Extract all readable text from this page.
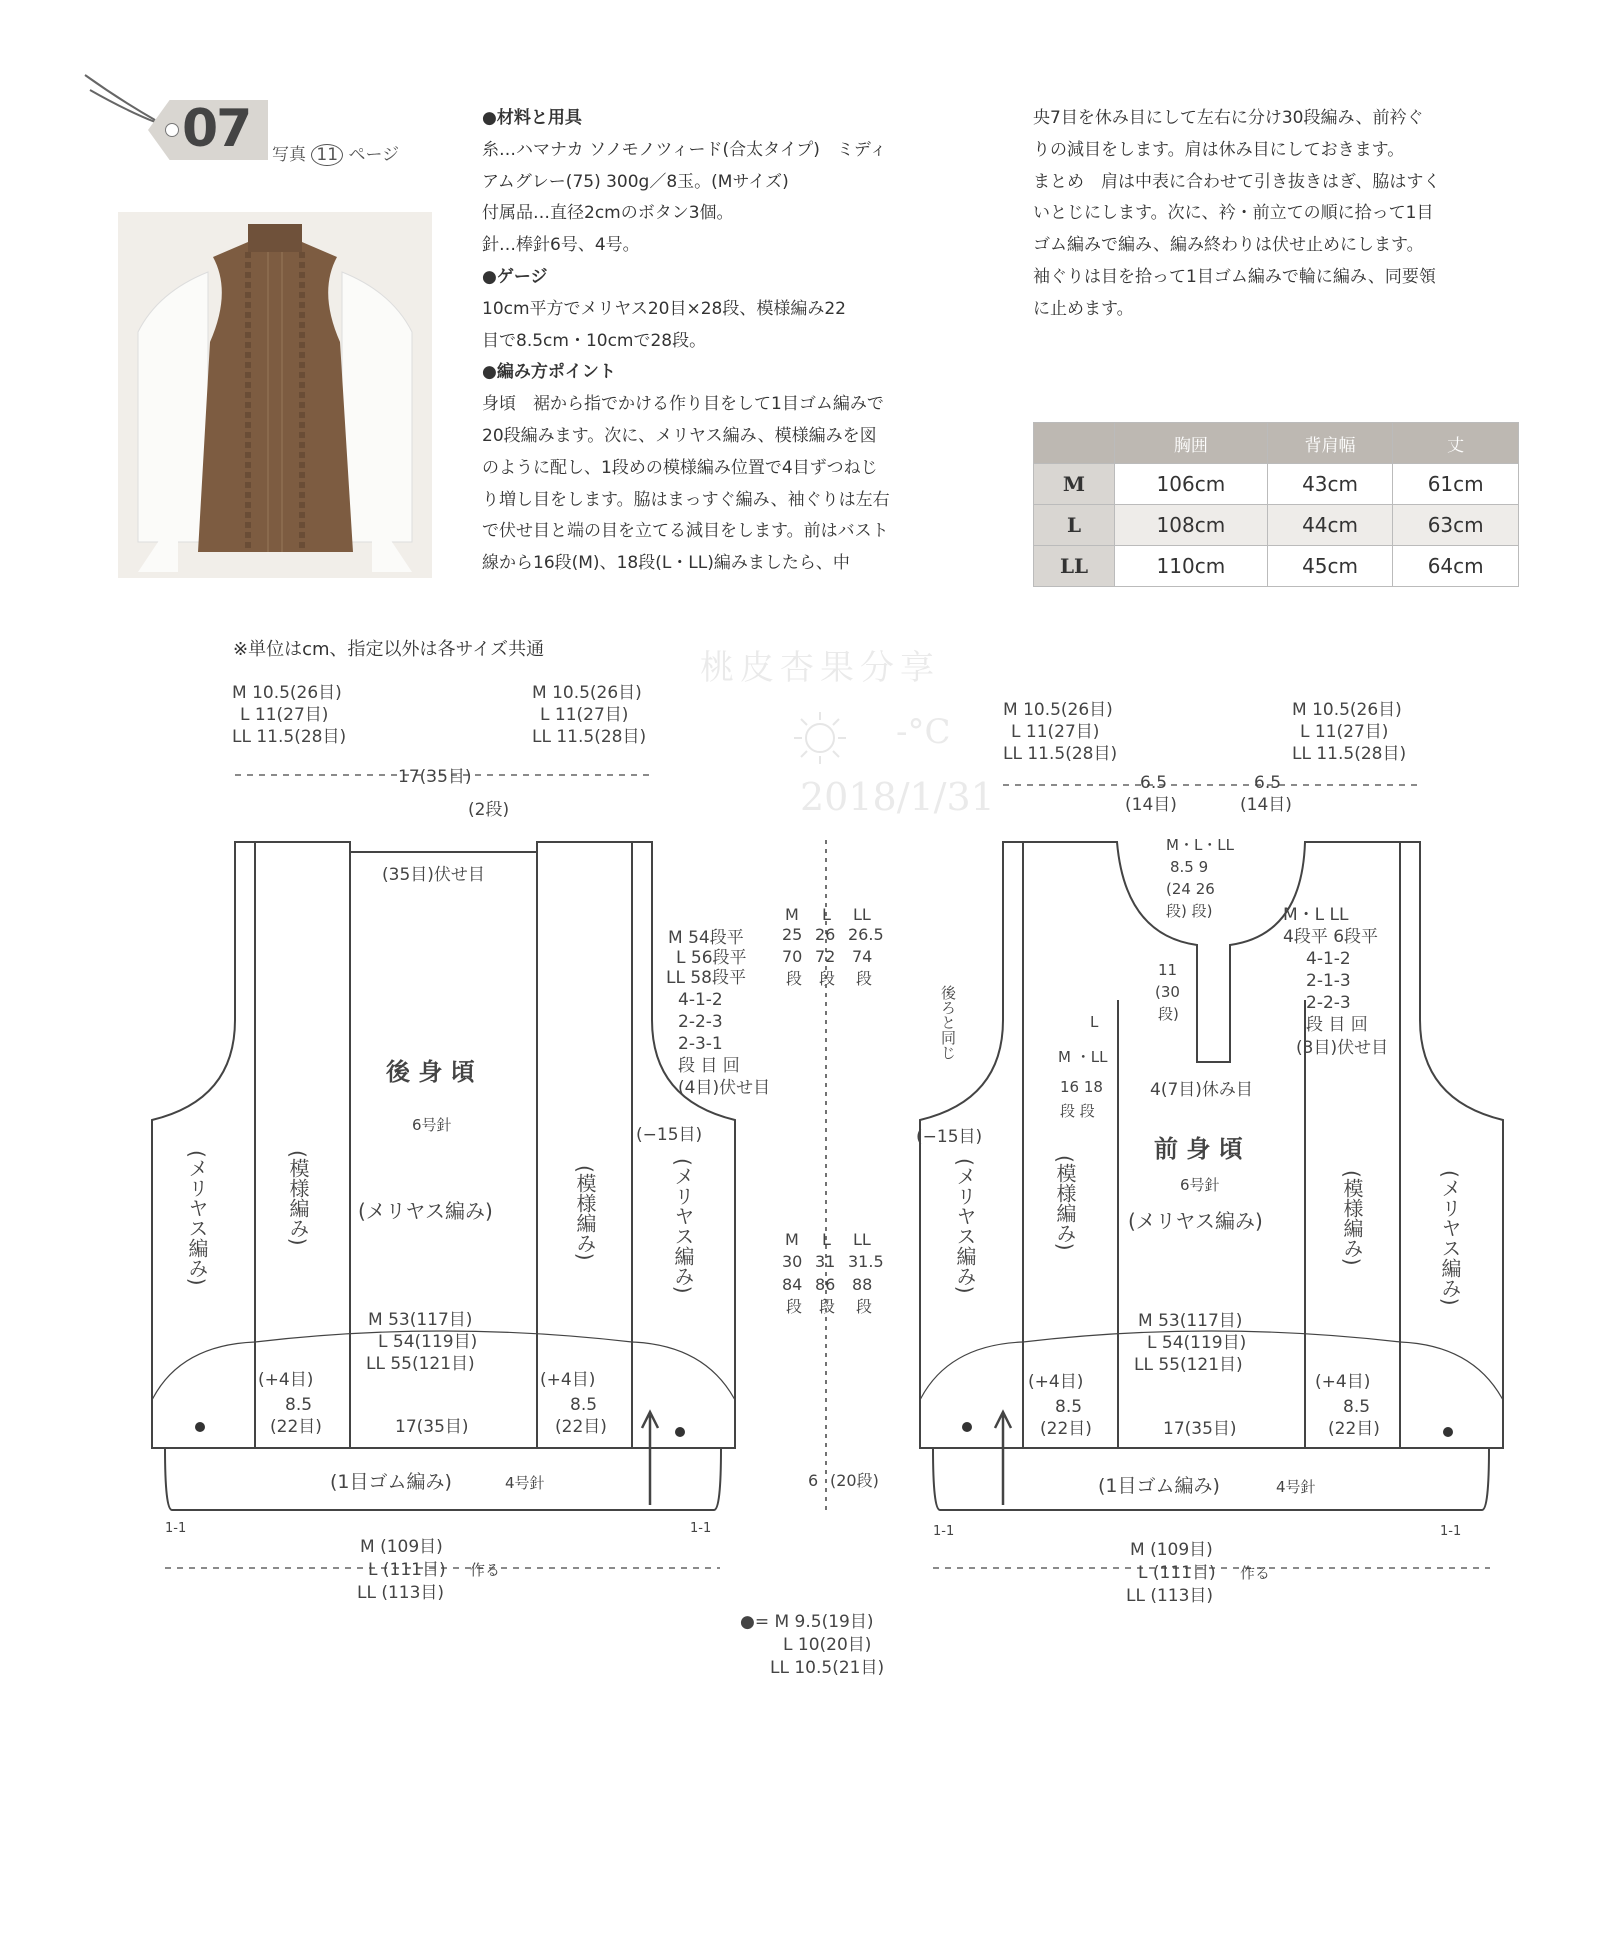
07 写真 11 ページ

●材料と用具

糸…ハマナカ ソノモノツィード(合太タイプ)　ミディ

アムグレー(75) 300g／8玉。(Mサイズ)

付属品…直径2cmのボタン3個。

針…棒針6号、4号。

●ゲージ

10cm平方でメリヤス20目×28段、模様編み22

目で8.5cm・10cmで28段。

●編み方ポイント

身頃　裾から指でかける作り目をして1目ゴム編みで

20段編みます。次に、メリヤス編み、模様編みを図

のように配し、1段めの模様編み位置で4目ずつねじ

り増し目をします。脇はまっすぐ編み、袖ぐりは左右

で伏せ目と端の目を立てる減目をします。前はバスト

線から16段(M)、18段(L・LL)編みましたら、中

央7目を休み目にして左右に分け30段編み、前衿ぐ

りの減目をします。肩は休み目にしておきます。

まとめ　肩は中表に合わせて引き抜きはぎ、脇はすく

いとじにします。次に、衿・前立ての順に拾って1目

ゴム編みで編み、編み終わりは伏せ止めにします。

袖ぐりは目を拾って1目ゴム編みで輪に編み、同要領

に止めます。

	胸囲	背肩幅	丈
M	106cm	43cm	61cm
L	108cm	44cm	63cm
LL	110cm	45cm	64cm
※単位はcm、指定以外は各サイズ共通	桃皮杏果分享
-°C
2018/1/31
M 10.5(26目)
L 11(27目)
LL 11.5(28目)
M 10.5(26目)
L 11(27目)
LL 11.5(28目)
17(35目)
(2段)
(35目)伏せ目
M 54段平
L 56段平
LL 58段平
4-1-2
2-2-3
2-3-1
段 目 回
(4目)伏せ目
(−15目)
後 身 頃
6号針
(メリヤス編み)
M 53(117目)
L 54(119目)
LL 55(121目)
(+4目)
8.5
(22目)
(+4目)
8.5
(22目)
17(35目)
(1目ゴム編み)	4号針
1-1	1-1
M (109目)
L (111目)
LL (113目)
作る
(メリヤス編み)	(模様編み)	(模様編み)	(メリヤス編み)
M L LL
25 26 26.5
70 72 74
段 段 段
M L LL
30 31 31.5
84 86 88
段 段 段
6 (20段)
M 10.5(26目)
L 11(27目)
LL 11.5(28目)
M 10.5(26目)
L 11(27目)
LL 11.5(28目)
6.5
(14目)
6.5
(14目)
M・L・LL
8.5 9
(24 26
段) 段)
11
(30
段)
4(7目)休み目
M・L LL
4段平 6段平
4-1-2
2-1-3
2-2-3
段 目 回
(3目)伏せ目
(−15目)
L
M ・LL
16 18
段 段
前 身 頃
6号針
(メリヤス編み)
M 53(117目)
L 54(119目)
LL 55(121目)
(+4目)
8.5
(22目)
(+4目)
8.5
(22目)
17(35目)
(1目ゴム編み)	4号針
1-1	1-1
M (109目)
L (111目)
LL (113目)
作る
●= M 9.5(19目)
L 10(20目)
LL 10.5(21目)
(メリヤス編み)	(模様編み)	(模様編み)	(メリヤス編み)
後ろと同じ
